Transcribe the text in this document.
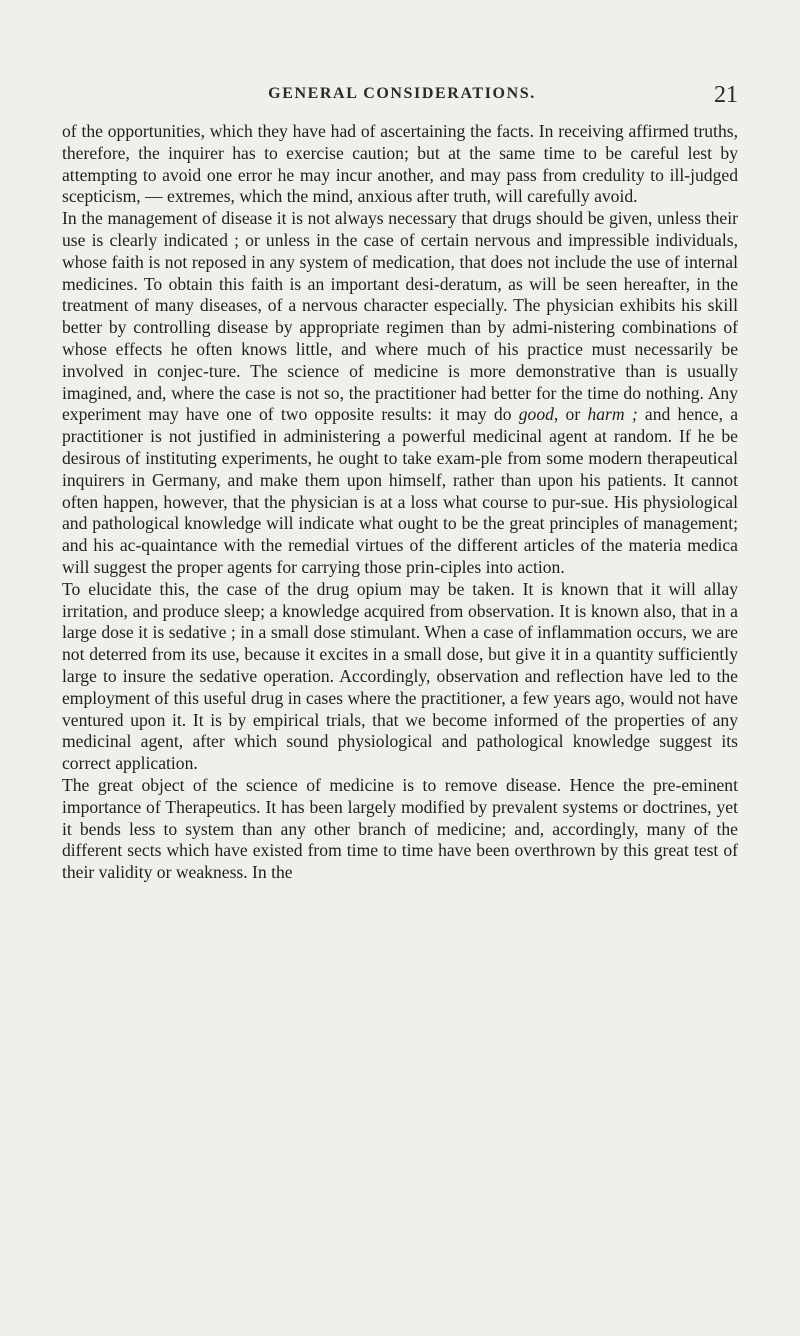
GENERAL CONSIDERATIONS.	21

of the opportunities, which they have had of ascertaining the facts. In receiving affirmed truths, therefore, the inquirer has to exercise caution; but at the same time to be careful lest by attempting to avoid one error he may incur another, and may pass from credulity to ill-judged scepticism, — extremes, which the mind, anxious after truth, will carefully avoid.

In the management of disease it is not always necessary that drugs should be given, unless their use is clearly indicated ; or unless in the case of certain nervous and impressible individuals, whose faith is not reposed in any system of medication, that does not include the use of internal medicines. To obtain this faith is an important desi-deratum, as will be seen hereafter, in the treatment of many diseases, of a nervous character especially. The physician exhibits his skill better by controlling disease by appropriate regimen than by admi-nistering combinations of whose effects he often knows little, and where much of his practice must necessarily be involved in conjec-ture. The science of medicine is more demonstrative than is usually imagined, and, where the case is not so, the practitioner had better for the time do nothing. Any experiment may have one of two opposite results: it may do good, or harm ; and hence, a practitioner is not justified in administering a powerful medicinal agent at random. If he be desirous of instituting experiments, he ought to take exam-ple from some modern therapeutical inquirers in Germany, and make them upon himself, rather than upon his patients. It cannot often happen, however, that the physician is at a loss what course to pur-sue. His physiological and pathological knowledge will indicate what ought to be the great principles of management; and his ac-quaintance with the remedial virtues of the different articles of the materia medica will suggest the proper agents for carrying those prin-ciples into action.

To elucidate this, the case of the drug opium may be taken. It is known that it will allay irritation, and produce sleep; a knowledge acquired from observation. It is known also, that in a large dose it is sedative ; in a small dose stimulant. When a case of inflammation occurs, we are not deterred from its use, because it excites in a small dose, but give it in a quantity sufficiently large to insure the sedative operation. Accordingly, observation and reflection have led to the employment of this useful drug in cases where the practitioner, a few years ago, would not have ventured upon it. It is by empirical trials, that we become informed of the properties of any medicinal agent, after which sound physiological and pathological knowledge suggest its correct application.

The great object of the science of medicine is to remove disease. Hence the pre-eminent importance of Therapeutics. It has been largely modified by prevalent systems or doctrines, yet it bends less to system than any other branch of medicine; and, accordingly, many of the different sects which have existed from time to time have been overthrown by this great test of their validity or weakness. In the
